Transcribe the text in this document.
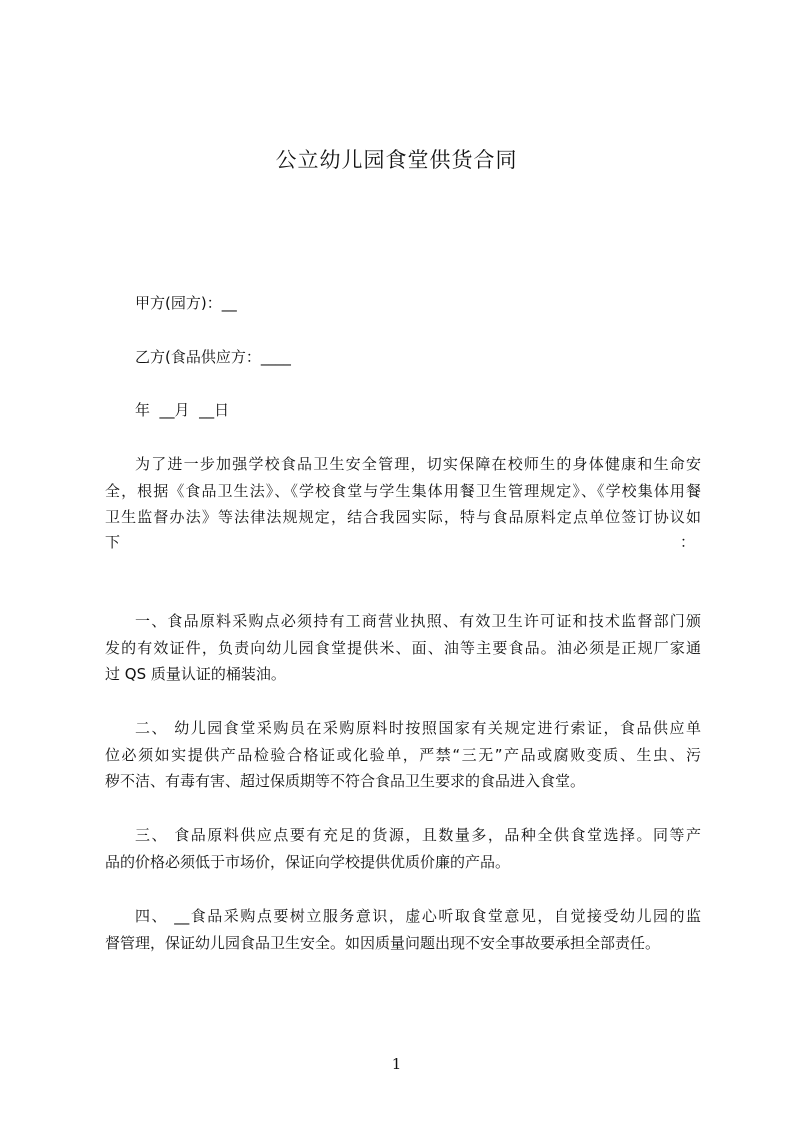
公立幼儿园食堂供货合同
甲方(园方)：__
乙方(食品供应方：____
年  __月  __日
为了进一步加强学校食品卫生安全管理，切实保障在校师生的身体健康和生命安
全，根据《食品卫生法》、《学校食堂与学生集体用餐卫生管理规定》、《学校集体用餐
卫生监督办法》等法律法规规定，结合我园实际，特与食品原料定点单位签订协议如
下	：
一、食品原料采购点必须持有工商营业执照、有效卫生许可证和技术监督部门颁
发的有效证件，负责向幼儿园食堂提供米、面、油等主要食品。油必须是正规厂家通
过 QS 质量认证的桶装油。
二、 幼儿园食堂采购员在采购原料时按照国家有关规定进行索证，食品供应单
位必须如实提供产品检验合格证或化验单，严禁“三无”产品或腐败变质、生虫、污
秽不洁、有毒有害、超过保质期等不符合食品卫生要求的食品进入食堂。
三、 食品原料供应点要有充足的货源，且数量多，品种全供食堂选择。同等产
品的价格必须低于市场价，保证向学校提供优质价廉的产品。
四、 __食品采购点要树立服务意识，虚心听取食堂意见，自觉接受幼儿园的监
督管理，保证幼儿园食品卫生安全。如因质量问题出现不安全事故要承担全部责任。
1
